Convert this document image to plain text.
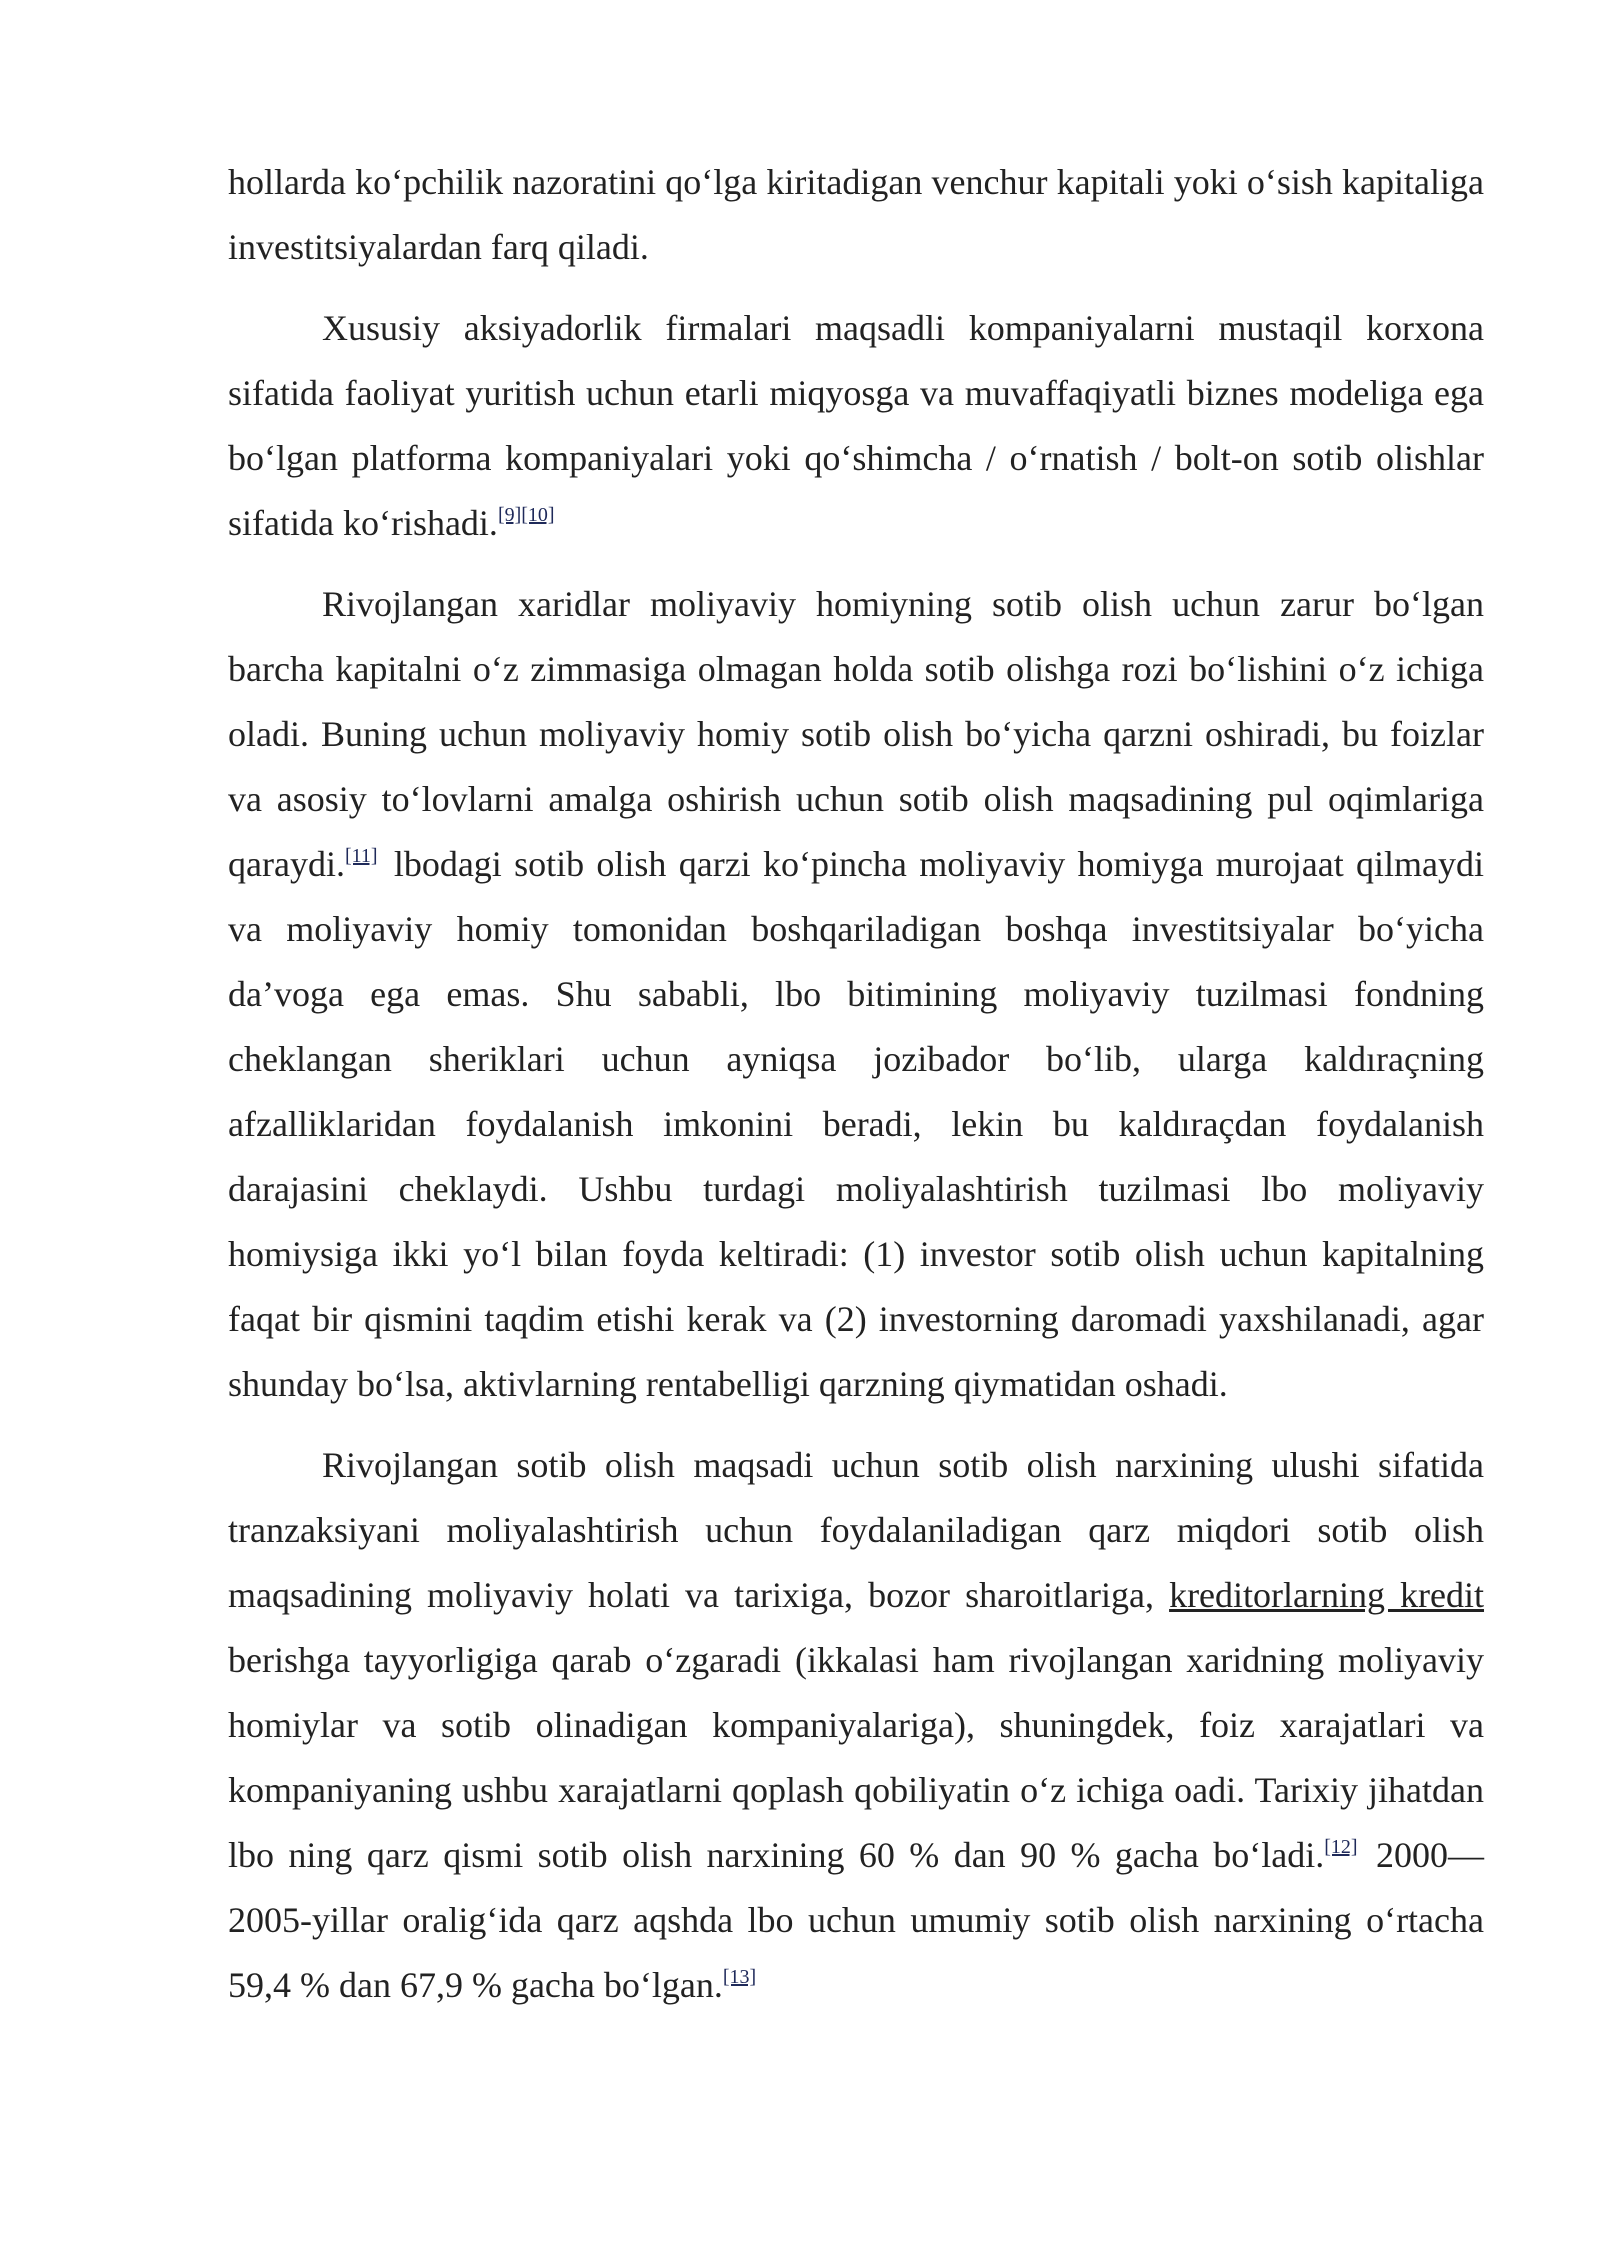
hollarda ko‘pchilik nazoratini qo‘lga kiritadigan venchur kapitali yoki o‘sish kapitaliga investitsiyalardan farq qiladi.

Xususiy aksiyadorlik firmalari maqsadli kompaniyalarni mustaqil korxona sifatida faoliyat yuritish uchun etarli miqyosga va muvaffaqiyatli biznes modeliga ega bo‘lgan platforma kompaniyalari yoki qo‘shimcha / o‘rnatish / bolt-on sotib olishlar sifatida ko‘rishadi.[9][10]

Rivojlangan xaridlar moliyaviy homiyning sotib olish uchun zarur bo‘lgan barcha kapitalni o‘z zimmasiga olmagan holda sotib olishga rozi bo‘lishini o‘z ichiga oladi. Buning uchun moliyaviy homiy sotib olish bo‘yicha qarzni oshiradi, bu foizlar va asosiy to‘lovlarni amalga oshirish uchun sotib olish maqsadining pul oqimlariga qaraydi.[11] lbodagi sotib olish qarzi ko‘pincha moliyaviy homiyga murojaat qilmaydi va moliyaviy homiy tomonidan boshqariladigan boshqa investitsiyalar bo‘yicha da’voga ega emas. Shu sababli, lbo bitimining moliyaviy tuzilmasi fondning cheklangan sheriklari uchun ayniqsa jozibador bo‘lib, ularga kaldıraçning afzalliklaridan foydalanish imkonini beradi, lekin bu kaldıraçdan foydalanish darajasini cheklaydi. Ushbu turdagi moliyalashtirish tuzilmasi lbo moliyaviy homiysiga ikki yo‘l bilan foyda keltiradi: (1) investor sotib olish uchun kapitalning faqat bir qismini taqdim etishi kerak va (2) investorning daromadi yaxshilanadi, agar shunday bo‘lsa, aktivlarning rentabelligi qarzning qiymatidan oshadi.

Rivojlangan sotib olish maqsadi uchun sotib olish narxining ulushi sifatida tranzaksiyani moliyalashtirish uchun foydalaniladigan qarz miqdori sotib olish maqsadining moliyaviy holati va tarixiga, bozor sharoitlariga, kreditorlarning kredit berishga tayyorligiga qarab o‘zgaradi (ikkalasi ham rivojlangan xaridning moliyaviy homiylar va sotib olinadigan kompaniyalariga), shuningdek, foiz xarajatlari va kompaniyaning ushbu xarajatlarni qoplash qobiliyatin o‘z ichiga oadi. Tarixiy jihatdan lbo ning qarz qismi sotib olish narxining 60 % dan 90 % gacha bo‘ladi.[12] 2000—2005-yillar oralig‘ida qarz aqshda lbo uchun umumiy sotib olish narxining o‘rtacha 59,4 % dan 67,9 % gacha bo‘lgan.[13]
